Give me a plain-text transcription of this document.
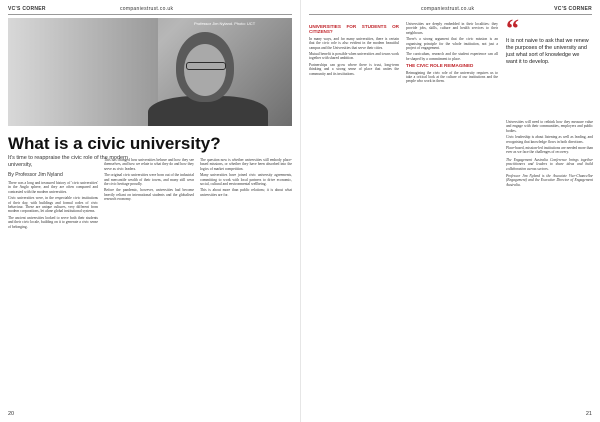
VC'S CORNER	companiestrust.co.uk
Professor Jim Nyland. Photo: UCT
What is a civic university?
It's time to reappraise the civic role of the modern university,
By Professor Jim Nyland

There was a long and treasured history of 'civic universities' in the Anglo sphere, and they are often compared and contrasted with the modern universities.

Civic universities were, in the respectable civic institutions of their day, with buildings and formal codes of civic behaviour. These are unique cultures, very different from modern corporations, let alone global institutional systems.

The ancient universities looked to serve both their students and their civic locale, building on it to generate a civic sense of belonging.

This has changed how universities behave and how they see themselves, and how we relate to what they do and how they serve as civic leaders.

The original civic universities were born out of the industrial and mercantile wealth of their towns, and many still wear the civic heritage proudly.

Before the pandemic, however, universities had become heavily reliant on international students and the globalised research economy.

The question now is whether universities still embody place-based missions, or whether they have been absorbed into the logics of market competition.

Many universities have joined civic university agreements, committing to work with local partners to drive economic, social, cultural and environmental wellbeing.

This is about more than public relations; it is about what universities are for.

20
companiestrust.co.uk	VC'S CORNER
UNIVERSITIES FOR STUDENTS OR CITIZENS?

In many ways, and for many universities, there is certain that the civic role is also evident in the modern beautiful campus and the Universities that serve their cities.

Mutual benefit is possible when universities and towns work together with shared ambition.

Partnerships can grow where there is trust, long-term thinking and a strong sense of place that unites the community and its institutions.

Universities are deeply embedded in their localities: they provide jobs, skills, culture and health services to their neighbours.

There's a strong argument that the civic mission is an organising principle for the whole institution, not just a project of engagement.

The curriculum, research and the student experience can all be shaped by a commitment to place.

THE CIVIC ROLE REIMAGINED

Reimagining the civic role of the university requires us to take a critical look at the culture of our institutions and the people who work in them.

“
It is not naive to ask that we renew the purposes of the university and just what sort of knowledge we want it to develop.

Universities will need to rethink how they measure value and engage with their communities, employers and public bodies.

Civic leadership is about listening as well as leading, and recognising that knowledge flows in both directions.

Place-based, mission-led institutions are needed more than ever as we face the challenges of recovery.

The Engagement Australia Conference brings together practitioners and leaders to share ideas and build collaboration across sectors.

Professor Jim Nyland is the Associate Vice-Chancellor (Engagement) and the Executive Director of Engagement Australia.

21
